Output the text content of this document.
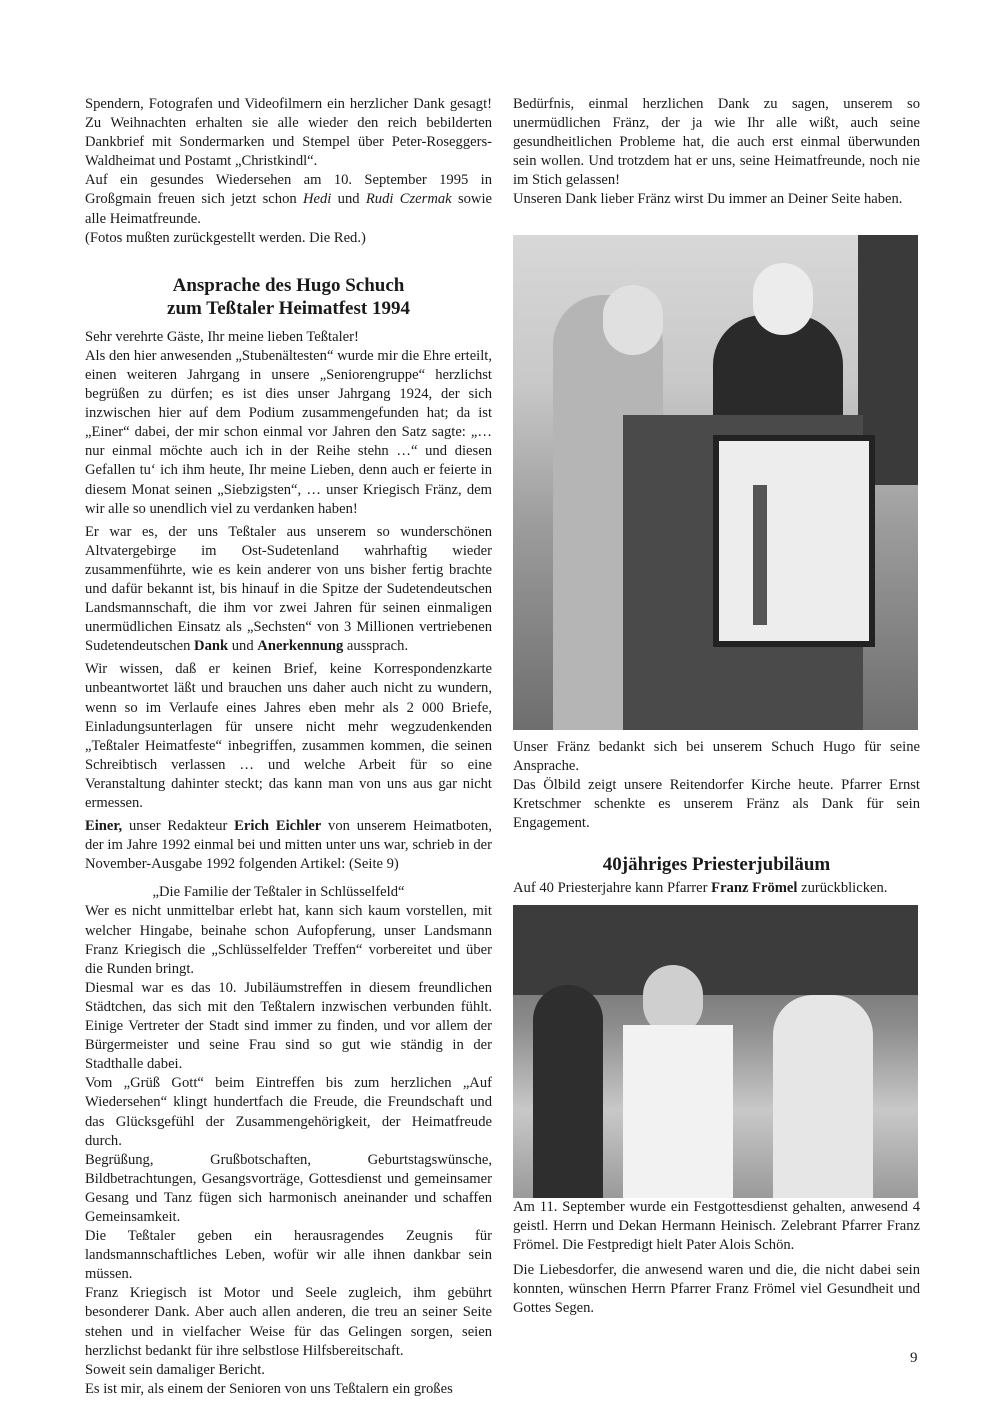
Spendern, Fotografen und Videofilmern ein herzlicher Dank gesagt! Zu Weihnachten erhalten sie alle wieder den reich bebilderten Dankbrief mit Sondermarken und Stempel über Peter-Roseggers-Waldheimat und Postamt „Christkindl“.

Auf ein gesundes Wiedersehen am 10. September 1995 in Großgmain freuen sich jetzt schon Hedi und Rudi Czermak sowie alle Heimatfreunde.

(Fotos mußten zurückgestellt werden. Die Red.)

Ansprache des Hugo Schuch
zum Teßtaler Heimatfest 1994

Sehr verehrte Gäste, Ihr meine lieben Teßtaler!

Als den hier anwesenden „Stubenältesten“ wurde mir die Ehre erteilt, einen weiteren Jahrgang in unsere „Seniorengruppe“ herzlichst begrüßen zu dürfen; es ist dies unser Jahrgang 1924, der sich inzwischen hier auf dem Podium zusammengefunden hat; da ist „Einer“ dabei, der mir schon einmal vor Jahren den Satz sagte: „… nur einmal möchte auch ich in der Reihe stehn …“ und diesen Gefallen tu‘ ich ihm heute, Ihr meine Lieben, denn auch er feierte in diesem Monat seinen „Siebzigsten“, … unser Kriegisch Fränz, dem wir alle so unendlich viel zu verdanken haben!

Er war es, der uns Teßtaler aus unserem so wunderschönen Altvatergebirge im Ost-Sudetenland wahrhaftig wieder zusammenführte, wie es kein anderer von uns bisher fertig brachte und dafür bekannt ist, bis hinauf in die Spitze der Sudetendeutschen Landsmannschaft, die ihm vor zwei Jahren für seinen einmaligen unermüdlichen Einsatz als „Sechsten“ von 3 Millionen vertriebenen Sudetendeutschen Dank und Anerkennung aussprach.

Wir wissen, daß er keinen Brief, keine Korrespondenzkarte unbeantwortet läßt und brauchen uns daher auch nicht zu wundern, wenn so im Verlaufe eines Jahres eben mehr als 2 000 Briefe, Einladungsunterlagen für unsere nicht mehr wegzudenkenden „Teßtaler Heimatfeste“ inbegriffen, zusammen kommen, die seinen Schreibtisch verlassen … und welche Arbeit für so eine Veranstaltung dahinter steckt; das kann man von uns aus gar nicht ermessen.

Einer, unser Redakteur Erich Eichler von unserem Heimatboten, der im Jahre 1992 einmal bei und mitten unter uns war, schrieb in der November-Ausgabe 1992 folgenden Artikel: (Seite 9)

„Die Familie der Teßtaler in Schlüsselfeld“

Wer es nicht unmittelbar erlebt hat, kann sich kaum vorstellen, mit welcher Hingabe, beinahe schon Aufopferung, unser Landsmann Franz Kriegisch die „Schlüsselfelder Treffen“ vorbereitet und über die Runden bringt.

Diesmal war es das 10. Jubiläumstreffen in diesem freundlichen Städtchen, das sich mit den Teßtalern inzwischen verbunden fühlt. Einige Vertreter der Stadt sind immer zu finden, und vor allem der Bürgermeister und seine Frau sind so gut wie ständig in der Stadthalle dabei.

Vom „Grüß Gott“ beim Eintreffen bis zum herzlichen „Auf Wiedersehen“ klingt hundertfach die Freude, die Freundschaft und das Glücksgefühl der Zusammengehörigkeit, der Heimatfreude durch.

Begrüßung, Grußbotschaften, Geburtstagswünsche, Bildbetrachtungen, Gesangsvorträge, Gottesdienst und gemeinsamer Gesang und Tanz fügen sich harmonisch aneinander und schaffen Gemeinsamkeit.

Die Teßtaler geben ein herausragendes Zeugnis für landsmannschaftliches Leben, wofür wir alle ihnen dankbar sein müssen.

Franz Kriegisch ist Motor und Seele zugleich, ihm gebührt besonderer Dank. Aber auch allen anderen, die treu an seiner Seite stehen und in vielfacher Weise für das Gelingen sorgen, seien herzlichst bedankt für ihre selbstlose Hilfsbereitschaft.

Soweit sein damaliger Bericht.

Es ist mir, als einem der Senioren von uns Teßtalern ein großes

Bedürfnis, einmal herzlichen Dank zu sagen, unserem so unermüdlichen Fränz, der ja wie Ihr alle wißt, auch seine gesundheitlichen Probleme hat, die auch erst einmal überwunden sein wollen. Und trotzdem hat er uns, seine Heimatfreunde, noch nie im Stich gelassen!

Unseren Dank lieber Fränz wirst Du immer an Deiner Seite haben.

Unser Fränz bedankt sich bei unserem Schuch Hugo für seine Ansprache.

Das Ölbild zeigt unsere Reitendorfer Kirche heute. Pfarrer Ernst Kretschmer schenkte es unserem Fränz als Dank für sein Engagement.

40jähriges Priesterjubiläum

Auf 40 Priesterjahre kann Pfarrer Franz Frömel zurückblicken.

Am 11. September wurde ein Festgottesdienst gehalten, anwesend 4 geistl. Herrn und Dekan Hermann Heinisch. Zelebrant Pfarrer Franz Frömel. Die Festpredigt hielt Pater Alois Schön.

Die Liebesdorfer, die anwesend waren und die, die nicht dabei sein konnten, wünschen Herrn Pfarrer Franz Frömel viel Gesundheit und Gottes Segen.

9
